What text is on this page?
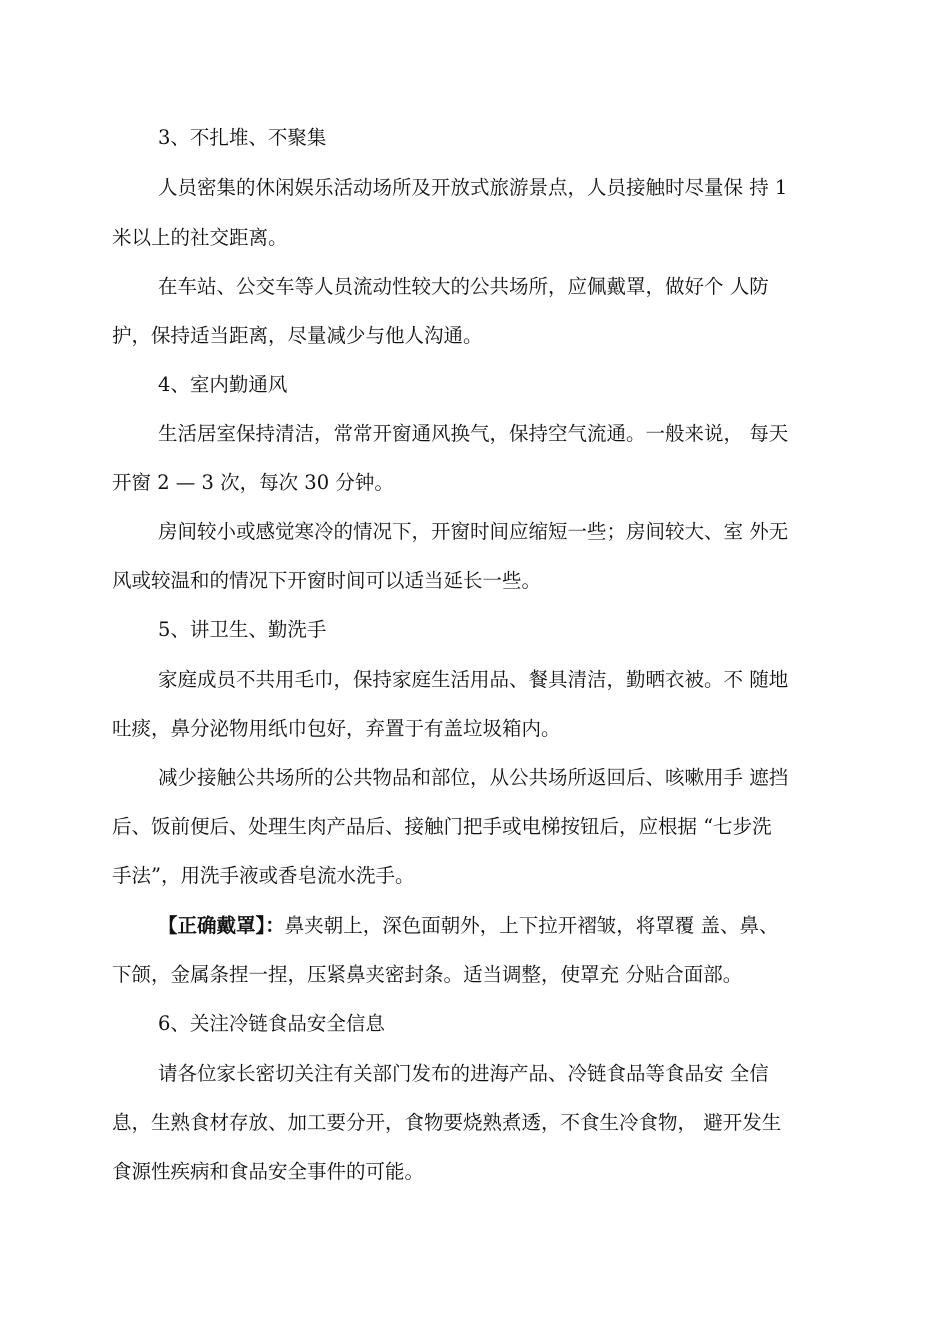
3、不扎堆、不聚集
人员密集的休闲娱乐活动场所及开放式旅游景点，人员接触时尽量保 持 1
米以上的社交距离。
在车站、公交车等人员流动性较大的公共场所，应佩戴罩，做好个 人防
护，保持适当距离，尽量减少与他人沟通。
4、室内勤通风
生活居室保持清洁，常常开窗通风换气，保持空气流通。一般来说， 每天
开窗 2 — 3 次，每次 30 分钟。
房间较小或感觉寒冷的情况下，开窗时间应缩短一些；房间较大、室 外无
风或较温和的情况下开窗时间可以适当延长一些。
5、讲卫生、勤洗手
家庭成员不共用毛巾，保持家庭生活用品、餐具清洁，勤晒衣被。不 随地
吐痰，鼻分泌物用纸巾包好，弃置于有盖垃圾箱内。
减少接触公共场所的公共物品和部位，从公共场所返回后、咳嗽用手 遮挡
后、饭前便后、处理生肉产品后、接触门把手或电梯按钮后，应根据 “七步洗
手法”，用洗手液或香皂流水洗手。
【正确戴罩】：鼻夹朝上，深色面朝外，上下拉开褶皱，将罩覆 盖、鼻、
下颌，金属条捏一捏，压紧鼻夹密封条。适当调整，使罩充 分贴合面部。
6、关注冷链食品安全信息
请各位家长密切关注有关部门发布的进海产品、冷链食品等食品安 全信
息，生熟食材存放、加工要分开，食物要烧熟煮透，不食生冷食物， 避开发生
食源性疾病和食品安全事件的可能。
